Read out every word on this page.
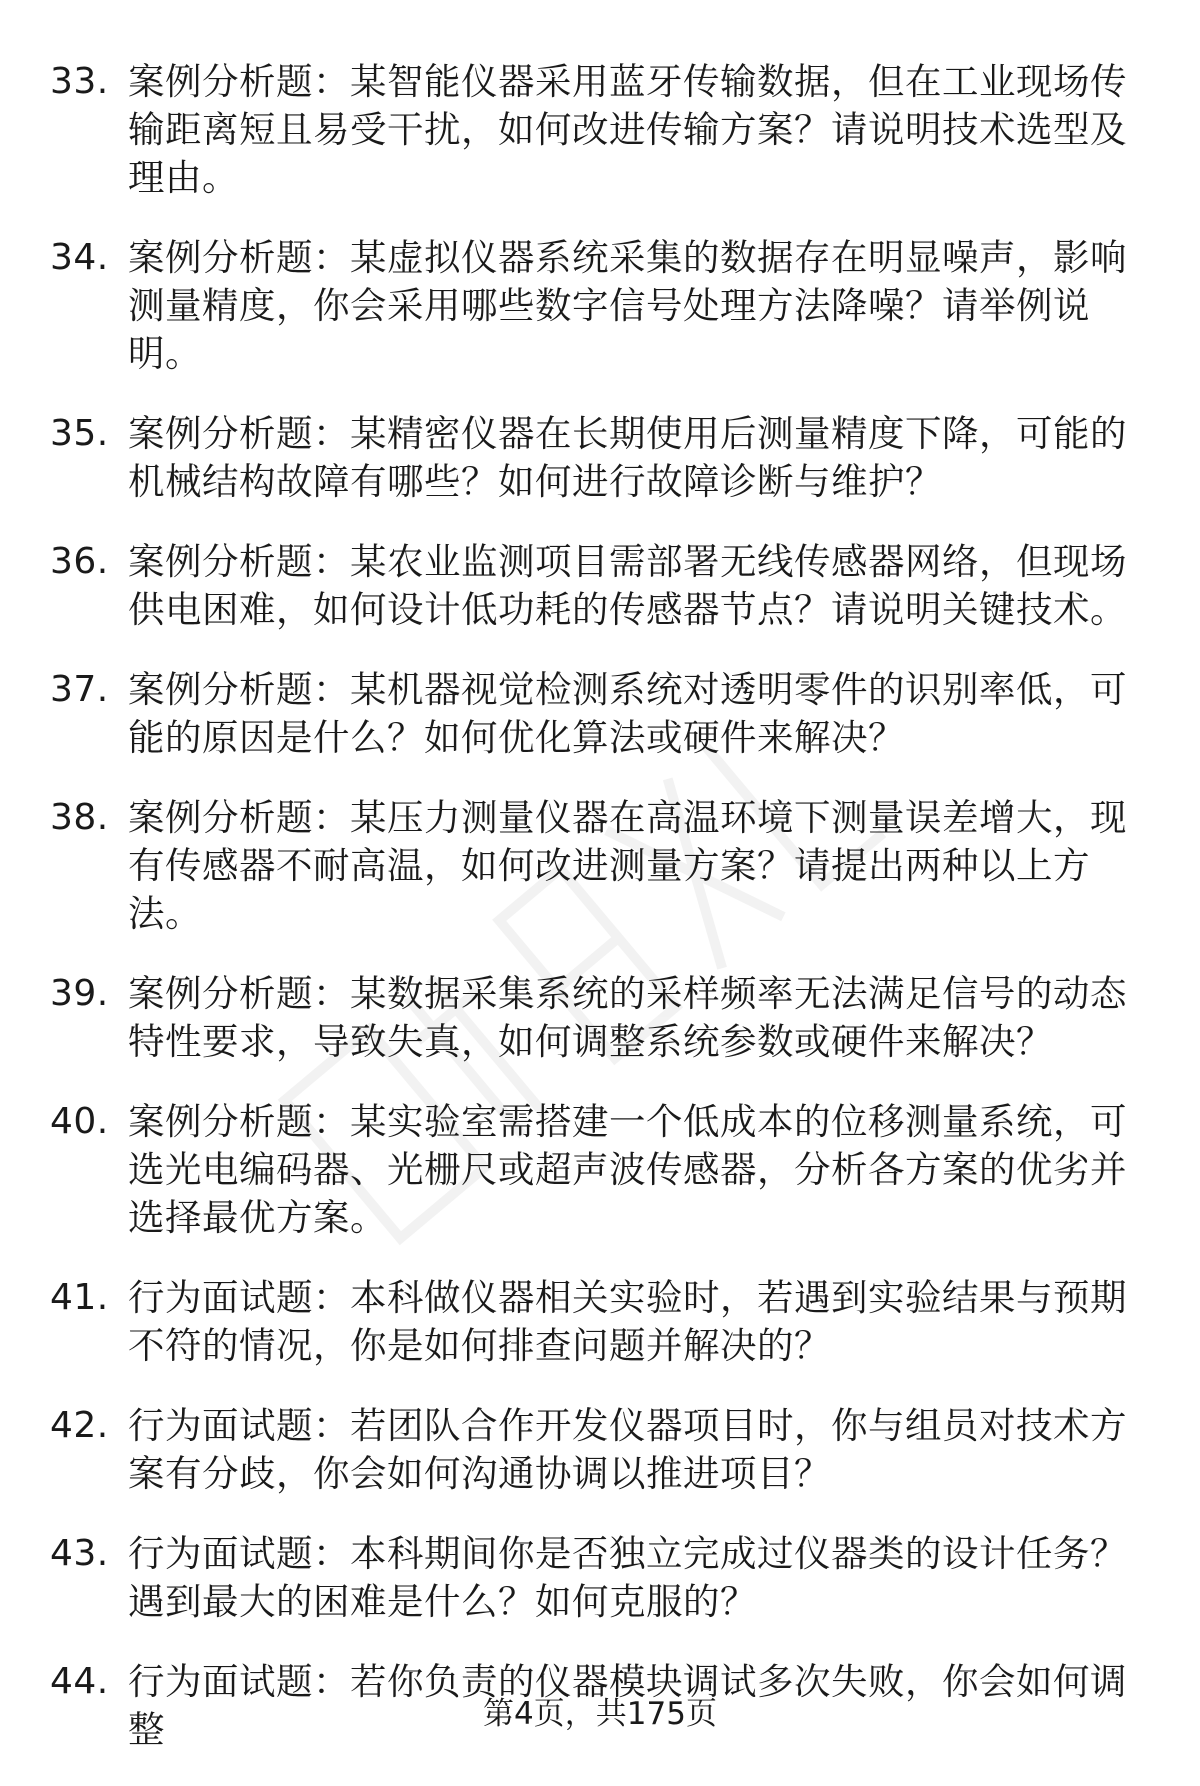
33. 案例分析题：某智能仪器采用蓝牙传输数据，但在工业现场传输距离短且易受干扰，如何改进传输方案？请说明技术选型及理由。
34. 案例分析题：某虚拟仪器系统采集的数据存在明显噪声，影响测量精度，你会采用哪些数字信号处理方法降噪？请举例说明。
35. 案例分析题：某精密仪器在长期使用后测量精度下降，可能的机械结构故障有哪些？如何进行故障诊断与维护？
36. 案例分析题：某农业监测项目需部署无线传感器网络，但现场供电困难，如何设计低功耗的传感器节点？请说明关键技术。
37. 案例分析题：某机器视觉检测系统对透明零件的识别率低，可能的原因是什么？如何优化算法或硬件来解决？
38. 案例分析题：某压力测量仪器在高温环境下测量误差增大，现有传感器不耐高温，如何改进测量方案？请提出两种以上方法。
39. 案例分析题：某数据采集系统的采样频率无法满足信号的动态特性要求，导致失真，如何调整系统参数或硬件来解决？
40. 案例分析题：某实验室需搭建一个低成本的位移测量系统，可选光电编码器、光栅尺或超声波传感器，分析各方案的优劣并选择最优方案。
41. 行为面试题：本科做仪器相关实验时，若遇到实验结果与预期不符的情况，你是如何排查问题并解决的？
42. 行为面试题：若团队合作开发仪器项目时，你与组员对技术方案有分歧，你会如何沟通协调以推进项目？
43. 行为面试题：本科期间你是否独立完成过仪器类的设计任务？遇到最大的困难是什么？如何克服的？
44. 行为面试题：若你负责的仪器模块调试多次失败，你会如何调整	第4页，共175页
